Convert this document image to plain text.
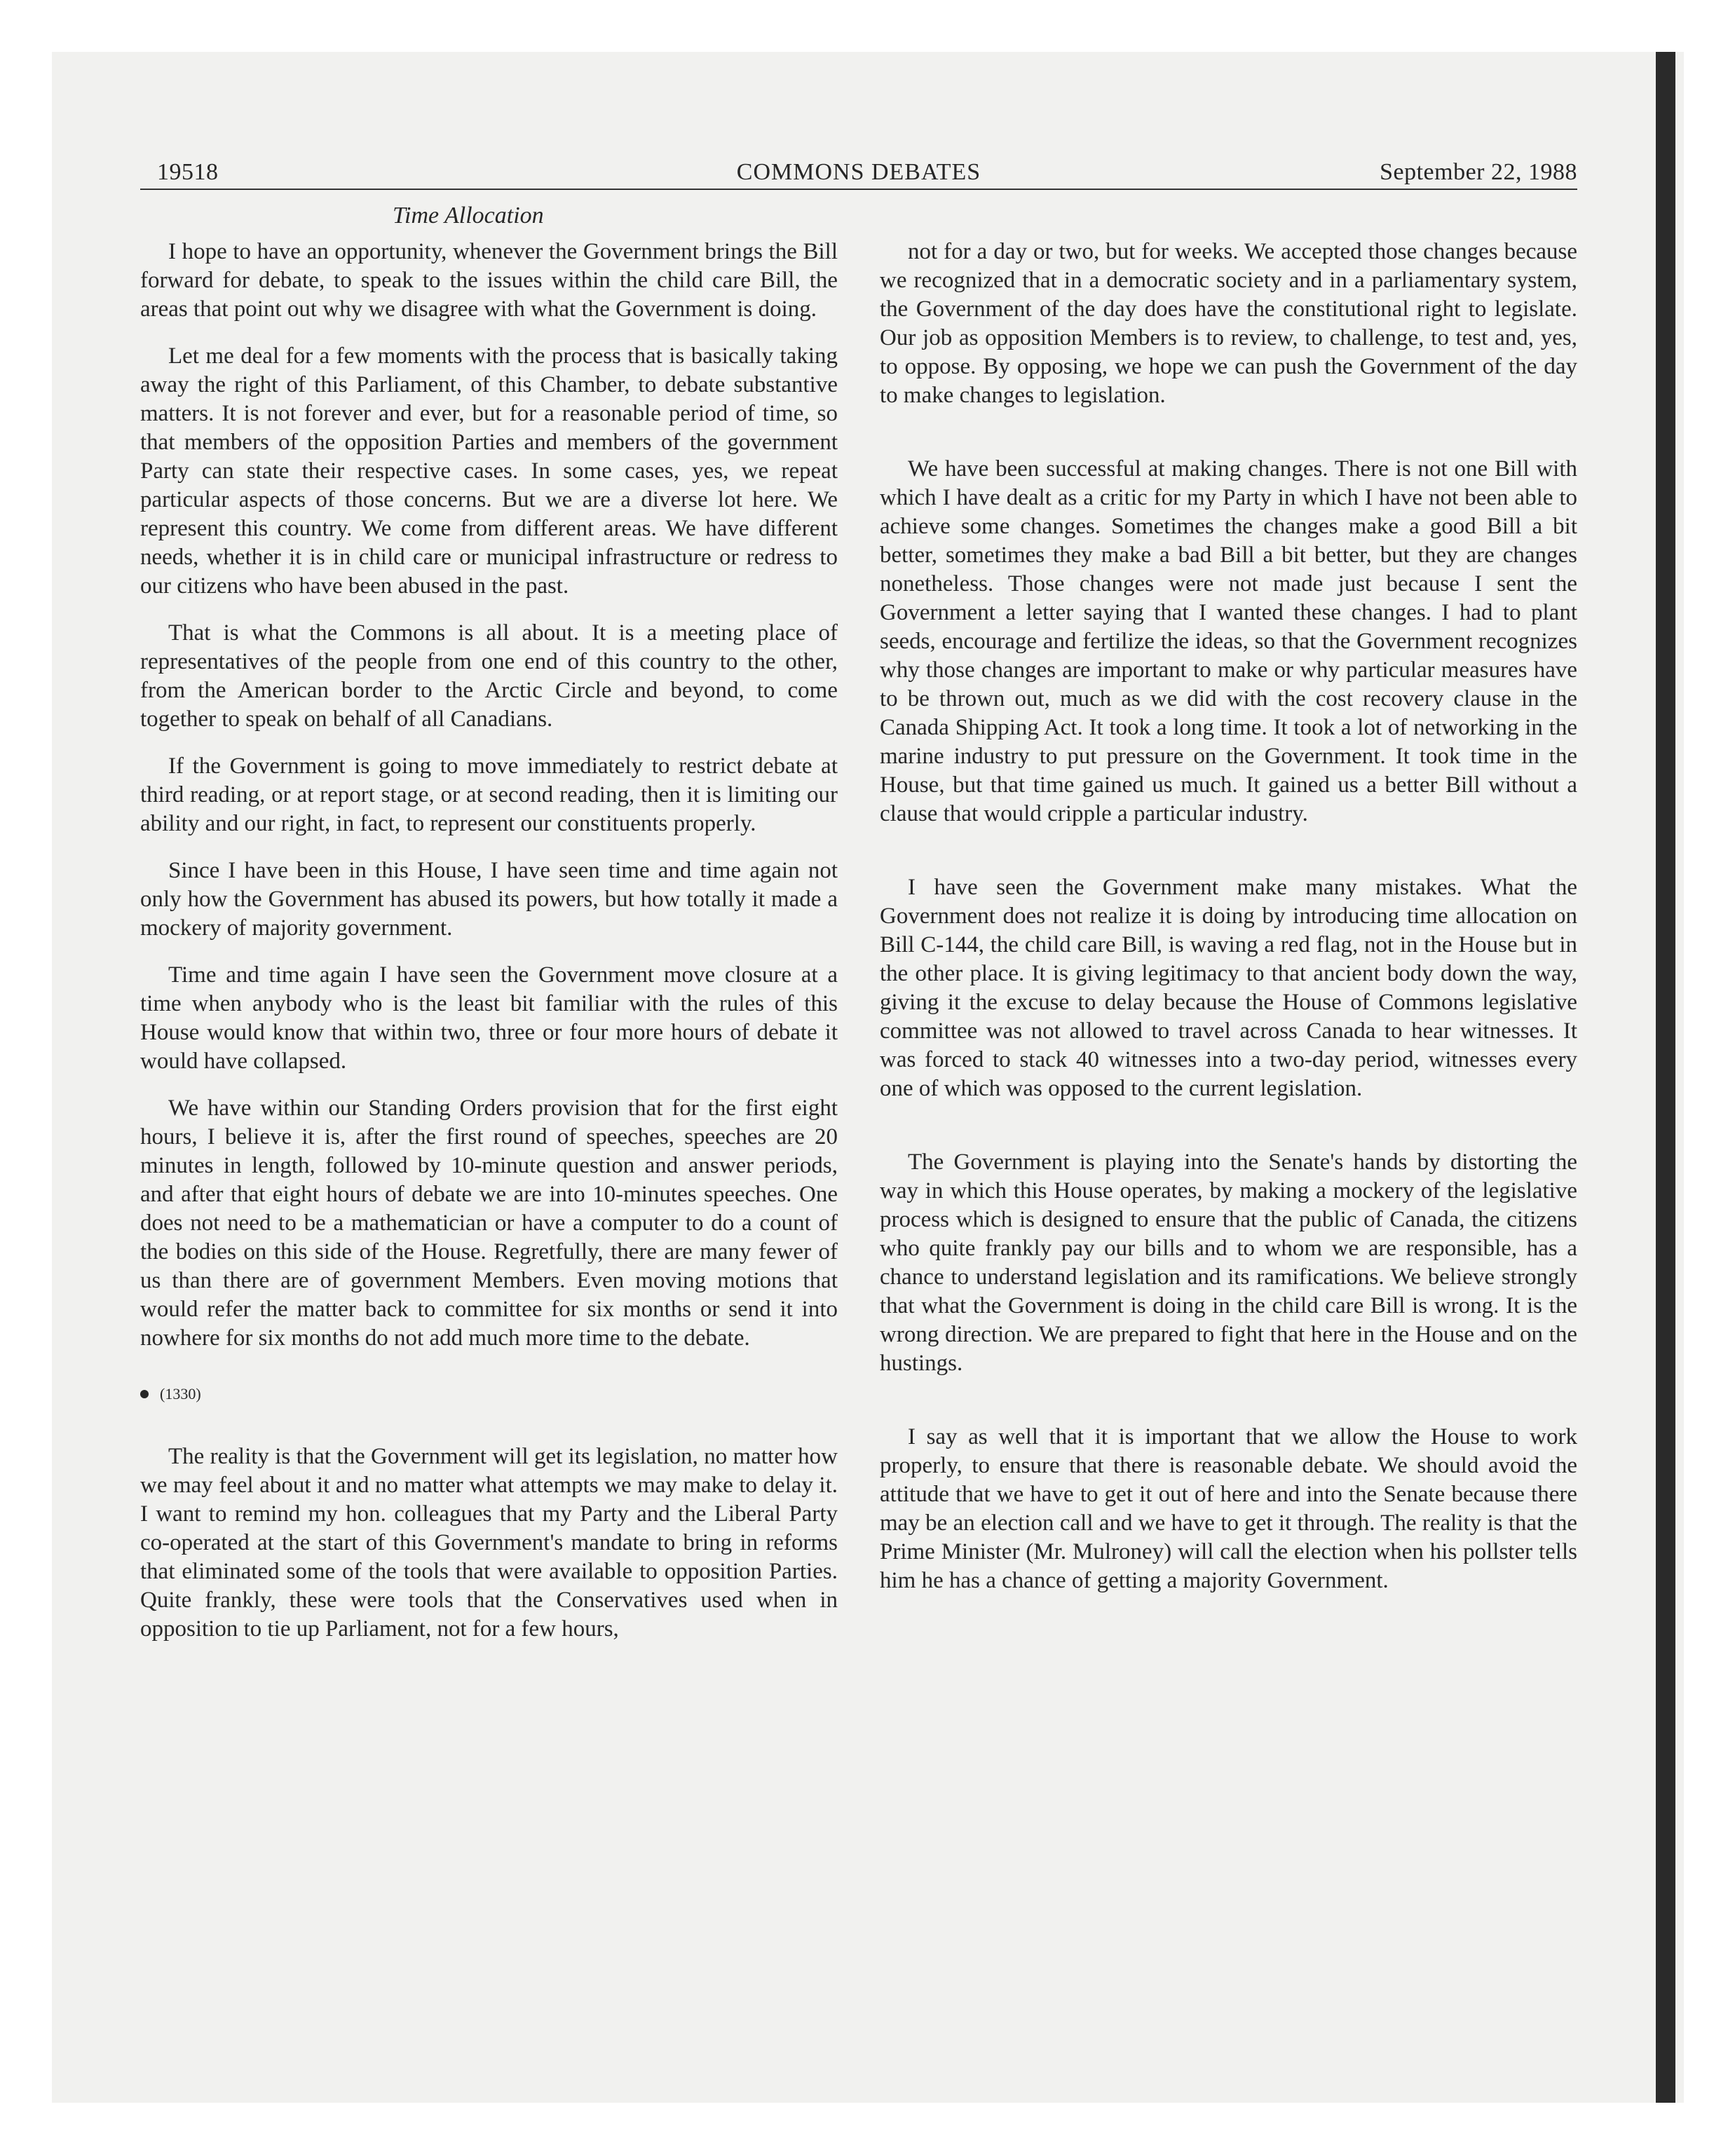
19518	COMMONS DEBATES	September 22, 1988
Time Allocation

I hope to have an opportunity, whenever the Government brings the Bill forward for debate, to speak to the issues within the child care Bill, the areas that point out why we disagree with what the Government is doing.

Let me deal for a few moments with the process that is basically taking away the right of this Parliament, of this Chamber, to debate substantive matters. It is not forever and ever, but for a reasonable period of time, so that members of the opposition Parties and members of the government Party can state their respective cases. In some cases, yes, we repeat particular aspects of those concerns. But we are a diverse lot here. We represent this country. We come from different areas. We have different needs, whether it is in child care or municipal infrastructure or redress to our citizens who have been abused in the past.

That is what the Commons is all about. It is a meeting place of representatives of the people from one end of this country to the other, from the American border to the Arctic Circle and beyond, to come together to speak on behalf of all Canadians.

If the Government is going to move immediately to restrict debate at third reading, or at report stage, or at second reading, then it is limiting our ability and our right, in fact, to represent our constituents properly.

Since I have been in this House, I have seen time and time again not only how the Government has abused its powers, but how totally it made a mockery of majority government.

Time and time again I have seen the Government move closure at a time when anybody who is the least bit familiar with the rules of this House would know that within two, three or four more hours of debate it would have collapsed.

We have within our Standing Orders provision that for the first eight hours, I believe it is, after the first round of speeches, speeches are 20 minutes in length, followed by 10-minute question and answer periods, and after that eight hours of debate we are into 10-minutes speeches. One does not need to be a mathematician or have a computer to do a count of the bodies on this side of the House. Regretfully, there are many fewer of us than there are of government Members. Even moving motions that would refer the matter back to committee for six months or send it into nowhere for six months do not add much more time to the debate.

(1330)

The reality is that the Government will get its legislation, no matter how we may feel about it and no matter what attempts we may make to delay it. I want to remind my hon. colleagues that my Party and the Liberal Party co-operated at the start of this Government's mandate to bring in reforms that eliminated some of the tools that were available to opposition Parties. Quite frankly, these were tools that the Conservatives used when in opposition to tie up Parliament, not for a few hours,

not for a day or two, but for weeks. We accepted those changes because we recognized that in a democratic society and in a parliamentary system, the Government of the day does have the constitutional right to legislate. Our job as opposition Members is to review, to challenge, to test and, yes, to oppose. By opposing, we hope we can push the Government of the day to make changes to legislation.

We have been successful at making changes. There is not one Bill with which I have dealt as a critic for my Party in which I have not been able to achieve some changes. Sometimes the changes make a good Bill a bit better, sometimes they make a bad Bill a bit better, but they are changes nonetheless. Those changes were not made just because I sent the Government a letter saying that I wanted these changes. I had to plant seeds, encourage and fertilize the ideas, so that the Government recognizes why those changes are important to make or why particular measures have to be thrown out, much as we did with the cost recovery clause in the Canada Shipping Act. It took a long time. It took a lot of networking in the marine industry to put pressure on the Government. It took time in the House, but that time gained us much. It gained us a better Bill without a clause that would cripple a particular industry.

I have seen the Government make many mistakes. What the Government does not realize it is doing by introducing time allocation on Bill C-144, the child care Bill, is waving a red flag, not in the House but in the other place. It is giving legitimacy to that ancient body down the way, giving it the excuse to delay because the House of Commons legislative committee was not allowed to travel across Canada to hear witnesses. It was forced to stack 40 witnesses into a two-day period, witnesses every one of which was opposed to the current legislation.

The Government is playing into the Senate's hands by distorting the way in which this House operates, by making a mockery of the legislative process which is designed to ensure that the public of Canada, the citizens who quite frankly pay our bills and to whom we are responsible, has a chance to understand legislation and its ramifications. We believe strongly that what the Government is doing in the child care Bill is wrong. It is the wrong direction. We are prepared to fight that here in the House and on the hustings.

I say as well that it is important that we allow the House to work properly, to ensure that there is reasonable debate. We should avoid the attitude that we have to get it out of here and into the Senate because there may be an election call and we have to get it through. The reality is that the Prime Minister (Mr. Mulroney) will call the election when his pollster tells him he has a chance of getting a majority Government.
